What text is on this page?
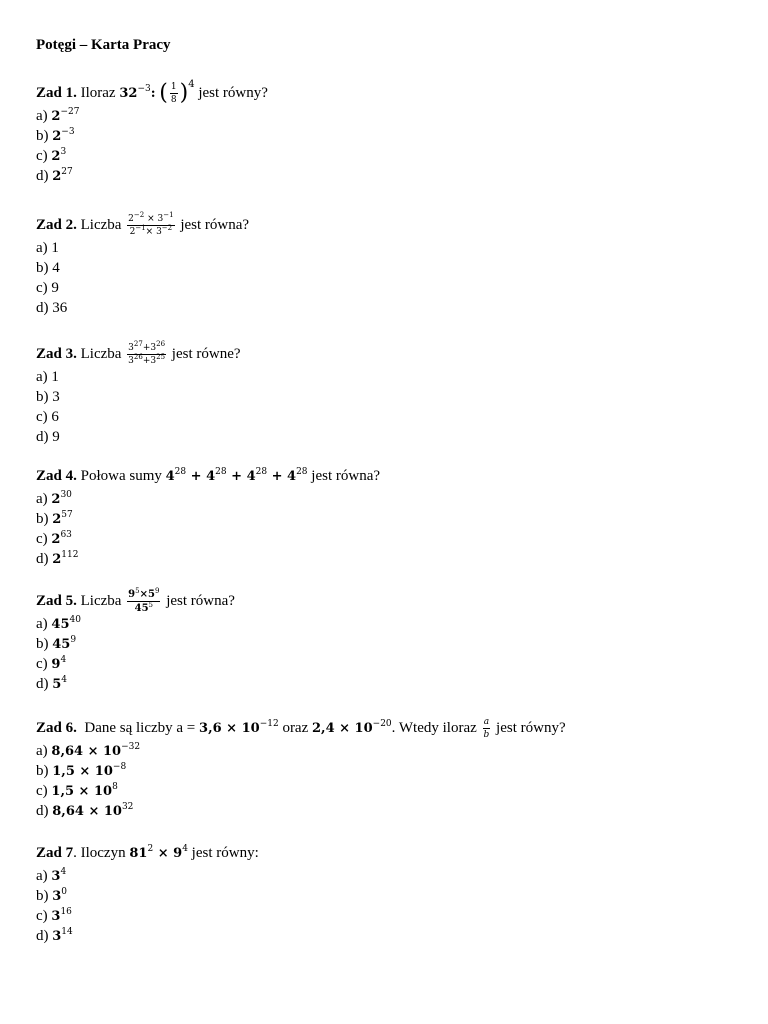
Potęgi – Karta Pracy
Zad 1. Iloraz $32^{-3}$: ( $\frac{1}{8} )^4$ jest równy?
a) $2^{-27}$
b) $2^{-3}$
c) $2^3$
d) $2^{27}$
Zad 2. Liczba $\frac{2^{-2} \times 3^{-1}}{2^{-1}\times 3^{-2}}$ jest równa?
a) 1
b) 4
c) 9
d) 36
Zad 3. Liczba $\frac{3^{27}+3^{26}}{3^{26}+3^{25}}$ jest równe?
a) 1
b) 3
c) 6
d) 9
Zad 4. Połowa sumy $4^{28} + 4^{28} + 4^{28} + 4^{28}$ jest równa?
a) $2^{30}$
b) $2^{57}$
c) $2^{63}$
d) $2^{112}$
Zad 5. Liczba $\frac{9^5\times 5^9}{45^5}$ jest równa?
a) $45^{40}$
b) $45^9$
c) $9^4$
d) $5^4$
Zad 6. Dane są liczby $a = 3,6 \times 10^{-12}$ oraz $2,4 \times 10^{-20}$. Wtedy iloraz $\frac{a}{b}$ jest równy?
a) $8,64 \times 10^{-32}$
b) $1,5 \times 10^{-8}$
c) $1,5 \times 10^8$
d) $8,64 \times 10^{32}$
Zad 7. Iloczyn $81^2 \times 9^4$ jest równy:
a) $3^4$
b) $3^0$
c) $3^{16}$
d) $3^{14}$
